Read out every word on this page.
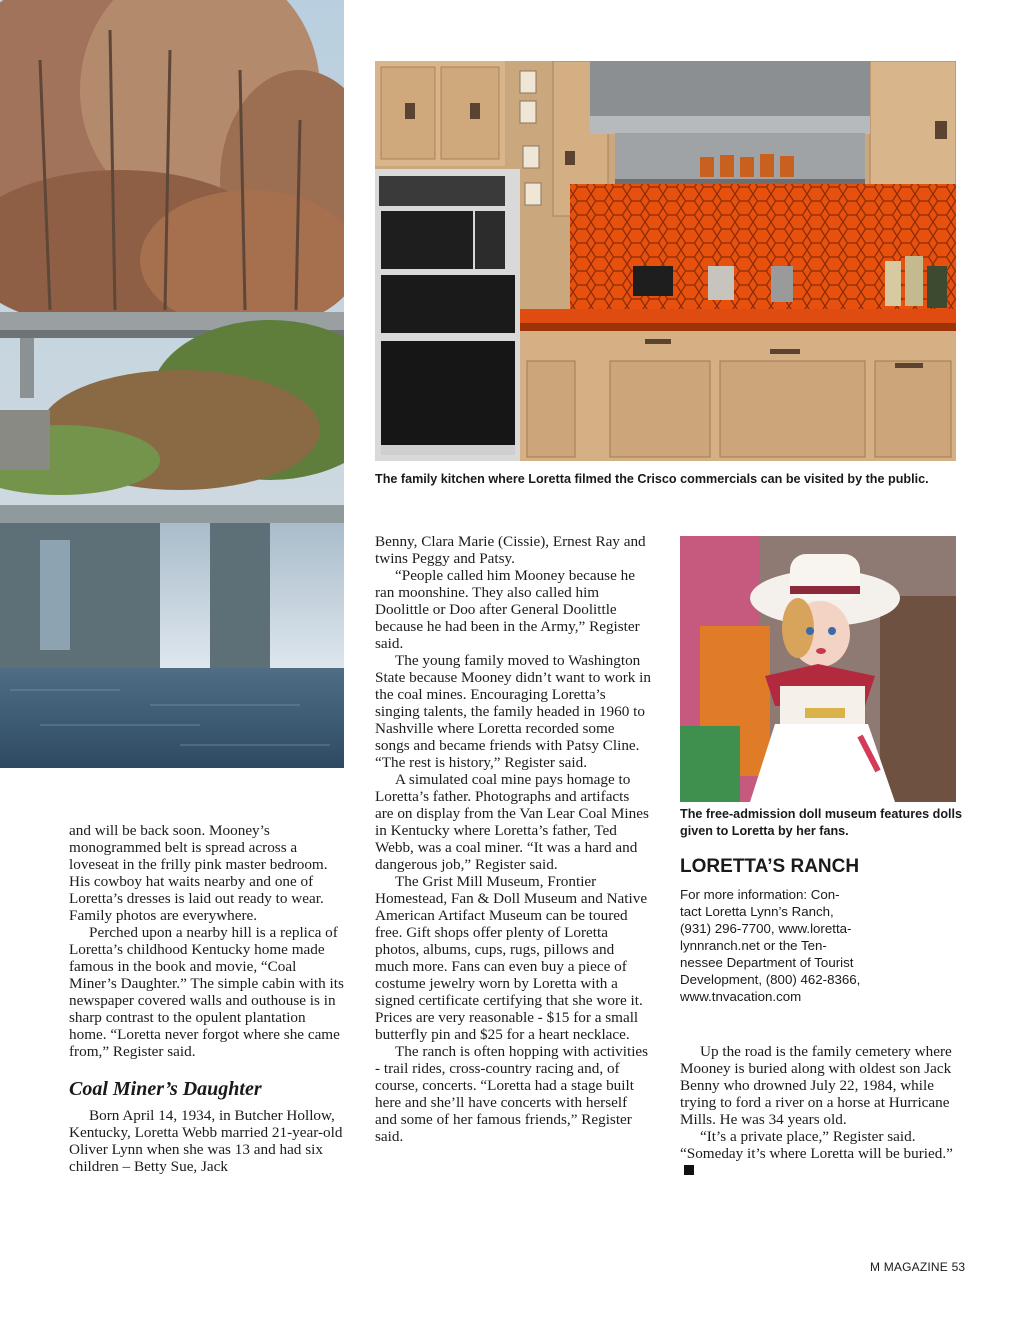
The family kitchen where Loretta filmed the Crisco commercials can be visited by the public.
The free-admission doll museum features dolls given to Loretta by her fans.

and will be back soon. Mooney’s monogrammed belt is spread across a loveseat in the frilly pink master bedroom. His cowboy hat waits nearby and one of Loretta’s dresses is laid out ready to wear. Family photos are everywhere.

Perched upon a nearby hill is a replica of Loretta’s childhood Kentucky home made famous in the book and movie, “Coal Miner’s Daughter.” The simple cabin with its newspaper covered walls and outhouse is in sharp contrast to the opulent plantation home. “Loretta never forgot where she came from,” Register said.

Coal Miner’s Daughter

Born April 14, 1934, in Butcher Hollow, Kentucky, Loretta Webb married 21-year-old Oliver Lynn when she was 13 and had six children – Betty Sue, Jack

Benny, Clara Marie (Cissie), Ernest Ray and twins Peggy and Patsy.

“People called him Mooney because he ran moonshine. They also called him Doolittle or Doo after General Doolittle because he had been in the Army,” Register said.

The young family moved to Washington State because Mooney didn’t want to work in the coal mines. Encouraging Loretta’s singing talents, the family headed in 1960 to Nashville where Loretta recorded some songs and became friends with Patsy Cline. “The rest is history,” Register said.

A simulated coal mine pays homage to Loretta’s father. Photographs and artifacts are on display from the Van Lear Coal Mines in Kentucky where Loretta’s father, Ted Webb, was a coal miner. “It was a hard and dangerous job,” Register said.

The Grist Mill Museum, Frontier Homestead, Fan & Doll Museum and Native American Artifact Museum can be toured free. Gift shops offer plenty of Loretta photos, albums, cups, rugs, pillows and much more. Fans can even buy a piece of costume jewelry worn by Loretta with a signed certificate certifying that she wore it. Prices are very reasonable - $15 for a small butterfly pin and $25 for a heart necklace.

The ranch is often hopping with activities - trail rides, cross-country racing and, of course, concerts. “Loretta had a stage built here and she’ll have concerts with herself and some of her famous friends,” Register said.

LORETTA’S RANCH
For more information: Con-
tact Loretta Lynn’s Ranch,
(931) 296-7700, www.loretta-
lynnranch.net or the Ten-
nessee Department of Tourist
Development, (800) 462-8366,
www.tnvacation.com

Up the road is the family cemetery where Mooney is buried along with oldest son Jack Benny who drowned July 22, 1984, while trying to ford a river on a horse at Hurricane Mills. He was 34 years old.

“It’s a private place,” Register said. “Someday it’s where Loretta will be buried.”

M MAGAZINE 53
